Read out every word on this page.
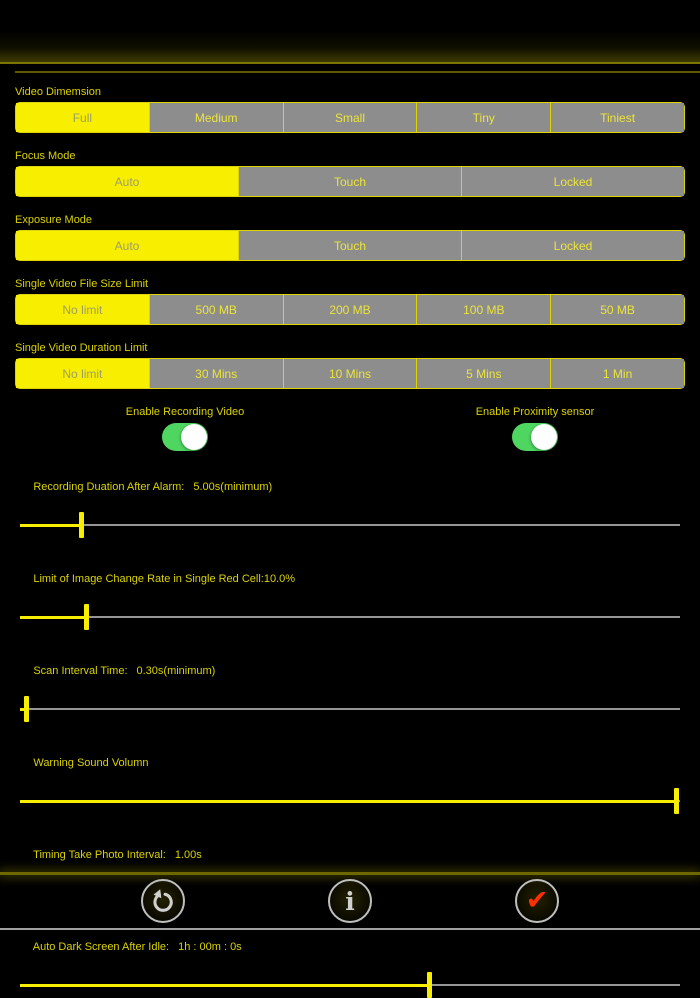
Video Dimemsion
Full	Medium	Small	Tiny	Tiniest
Focus Mode
Auto	Touch	Locked
Exposure Mode
Auto	Touch	Locked
Single Video File Size Limit
No limit	500 MB	200 MB	100 MB	50 MB
Single Video Duration Limit
No limit	30 Mins	10 Mins	5 Mins	1 Min
Enable Recording Video	Enable Proximity sensor

Recording Duation After Alarm: 5.00s(minimum)

Limit of Image Change Rate in Single Red Cell:10.0%

Scan Interval Time: 0.30s(minimum)

Warning Sound Volumn

Timing Take Photo Interval: 1.00s

Auto Dark Screen After Idle: 1h : 00m : 0s

i	✔
